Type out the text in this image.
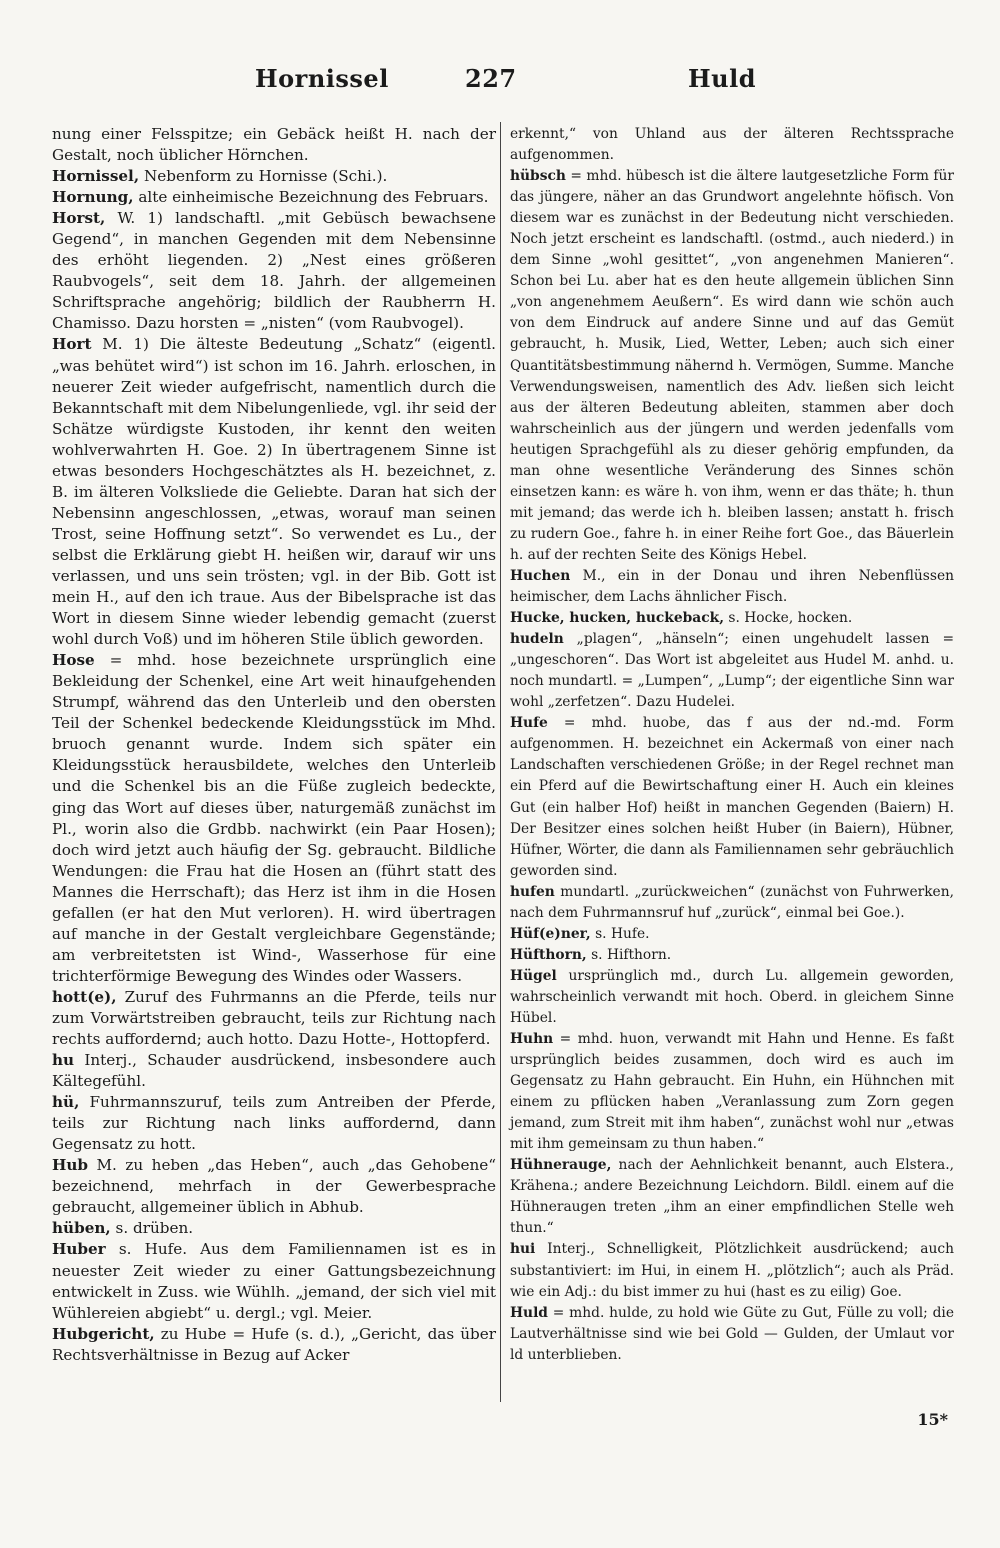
Hornissel	227	Huld

nung einer Felsspitze; ein Gebäck heißt H. nach der Gestalt, noch üblicher Hörnchen.

Hornissel, Nebenform zu Hornisse (Schi.).

Hornung, alte einheimische Bezeichnung des Februars.

Horst, W. 1) landschaftl. „mit Gebüsch bewachsene Gegend“, in manchen Gegenden mit dem Nebensinne des erhöht liegenden. 2) „Nest eines größeren Raubvogels“, seit dem 18. Jahrh. der allgemeinen Schriftsprache angehörig; bildlich der Raubherrn H. Chamisso. Dazu horsten = „nisten“ (vom Raubvogel).

Hort M. 1) Die älteste Bedeutung „Schatz“ (eigentl. „was behütet wird“) ist schon im 16. Jahrh. erloschen, in neuerer Zeit wieder aufgefrischt, namentlich durch die Bekanntschaft mit dem Nibelungenliede, vgl. ihr seid der Schätze würdigste Kustoden, ihr kennt den weiten wohlverwahrten H. Goe. 2) In übertragenem Sinne ist etwas besonders Hochgeschätztes als H. bezeichnet, z. B. im älteren Volksliede die Geliebte. Daran hat sich der Nebensinn angeschlossen, „etwas, worauf man seinen Trost, seine Hoffnung setzt“. So verwendet es Lu., der selbst die Erklärung giebt H. heißen wir, darauf wir uns verlassen, und uns sein trösten; vgl. in der Bib. Gott ist mein H., auf den ich traue. Aus der Bibelsprache ist das Wort in diesem Sinne wieder lebendig gemacht (zuerst wohl durch Voß) und im höheren Stile üblich geworden.

Hose = mhd. hose bezeichnete ursprünglich eine Bekleidung der Schenkel, eine Art weit hinaufgehenden Strumpf, während das den Unterleib und den obersten Teil der Schenkel bedeckende Kleidungsstück im Mhd. bruoch genannt wurde. Indem sich später ein Kleidungsstück herausbildete, welches den Unterleib und die Schenkel bis an die Füße zugleich bedeckte, ging das Wort auf dieses über, naturgemäß zunächst im Pl., worin also die Grdbb. nachwirkt (ein Paar Hosen); doch wird jetzt auch häufig der Sg. gebraucht. Bildliche Wendungen: die Frau hat die Hosen an (führt statt des Mannes die Herrschaft); das Herz ist ihm in die Hosen gefallen (er hat den Mut verloren). H. wird übertragen auf manche in der Gestalt vergleichbare Gegenstände; am verbreitetsten ist Wind-, Wasserhose für eine trichterförmige Bewegung des Windes oder Wassers.

hott(e), Zuruf des Fuhrmanns an die Pferde, teils nur zum Vorwärtstreiben gebraucht, teils zur Richtung nach rechts auffordernd; auch hotto. Dazu Hotte-, Hottopferd.

hu Interj., Schauder ausdrückend, insbesondere auch Kältegefühl.

hü, Fuhrmannszuruf, teils zum Antreiben der Pferde, teils zur Richtung nach links auffordernd, dann Gegensatz zu hott.

Hub M. zu heben „das Heben“, auch „das Gehobene“ bezeichnend, mehrfach in der Gewerbesprache gebraucht, allgemeiner üblich in Abhub.

hüben, s. drüben.

Huber s. Hufe. Aus dem Familiennamen ist es in neuester Zeit wieder zu einer Gattungsbezeichnung entwickelt in Zuss. wie Wühlh. „jemand, der sich viel mit Wühlereien abgiebt“ u. dergl.; vgl. Meier.

Hubgericht, zu Hube = Hufe (s. d.), „Gericht, das über Rechtsverhältnisse in Bezug auf Acker

erkennt,“ von Uhland aus der älteren Rechtssprache aufgenommen.

hübsch = mhd. hübesch ist die ältere lautgesetzliche Form für das jüngere, näher an das Grundwort angelehnte höfisch. Von diesem war es zunächst in der Bedeutung nicht verschieden. Noch jetzt erscheint es landschaftl. (ostmd., auch niederd.) in dem Sinne „wohl gesittet“, „von angenehmen Manieren“. Schon bei Lu. aber hat es den heute allgemein üblichen Sinn „von angenehmem Aeußern“. Es wird dann wie schön auch von dem Eindruck auf andere Sinne und auf das Gemüt gebraucht, h. Musik, Lied, Wetter, Leben; auch sich einer Quantitätsbestimmung nähernd h. Vermögen, Summe. Manche Verwendungsweisen, namentlich des Adv. ließen sich leicht aus der älteren Bedeutung ableiten, stammen aber doch wahrscheinlich aus der jüngern und werden jedenfalls vom heutigen Sprachgefühl als zu dieser gehörig empfunden, da man ohne wesentliche Veränderung des Sinnes schön einsetzen kann: es wäre h. von ihm, wenn er das thäte; h. thun mit jemand; das werde ich h. bleiben lassen; anstatt h. frisch zu rudern Goe., fahre h. in einer Reihe fort Goe., das Bäuerlein h. auf der rechten Seite des Königs Hebel.

Huchen M., ein in der Donau und ihren Nebenflüssen heimischer, dem Lachs ähnlicher Fisch.

Hucke, hucken, huckeback, s. Hocke, hocken.

hudeln „plagen“, „hänseln“; einen ungehudelt lassen = „ungeschoren“. Das Wort ist abgeleitet aus Hudel M. anhd. u. noch mundartl. = „Lumpen“, „Lump“; der eigentliche Sinn war wohl „zerfetzen“. Dazu Hudelei.

Hufe = mhd. huobe, das f aus der nd.-md. Form aufgenommen. H. bezeichnet ein Ackermaß von einer nach Landschaften verschiedenen Größe; in der Regel rechnet man ein Pferd auf die Bewirtschaftung einer H. Auch ein kleines Gut (ein halber Hof) heißt in manchen Gegenden (Baiern) H. Der Besitzer eines solchen heißt Huber (in Baiern), Hübner, Hüfner, Wörter, die dann als Familiennamen sehr gebräuchlich geworden sind.

hufen mundartl. „zurückweichen“ (zunächst von Fuhrwerken, nach dem Fuhrmannsruf huf „zurück“, einmal bei Goe.).

Hüf(e)ner, s. Hufe.

Hüfthorn, s. Hifthorn.

Hügel ursprünglich md., durch Lu. allgemein geworden, wahrscheinlich verwandt mit hoch. Oberd. in gleichem Sinne Hübel.

Huhn = mhd. huon, verwandt mit Hahn und Henne. Es faßt ursprünglich beides zusammen, doch wird es auch im Gegensatz zu Hahn gebraucht. Ein Huhn, ein Hühnchen mit einem zu pflücken haben „Veranlassung zum Zorn gegen jemand, zum Streit mit ihm haben“, zunächst wohl nur „etwas mit ihm gemeinsam zu thun haben.“

Hühnerauge, nach der Aehnlichkeit benannt, auch Elstera., Krähena.; andere Bezeichnung Leichdorn. Bildl. einem auf die Hühneraugen treten „ihm an einer empfindlichen Stelle weh thun.“

hui Interj., Schnelligkeit, Plötzlichkeit ausdrückend; auch substantiviert: im Hui, in einem H. „plötzlich“; auch als Präd. wie ein Adj.: du bist immer zu hui (hast es zu eilig) Goe.

Huld = mhd. hulde, zu hold wie Güte zu Gut, Fülle zu voll; die Lautverhältnisse sind wie bei Gold — Gulden, der Umlaut vor ld unterblieben.

15*
